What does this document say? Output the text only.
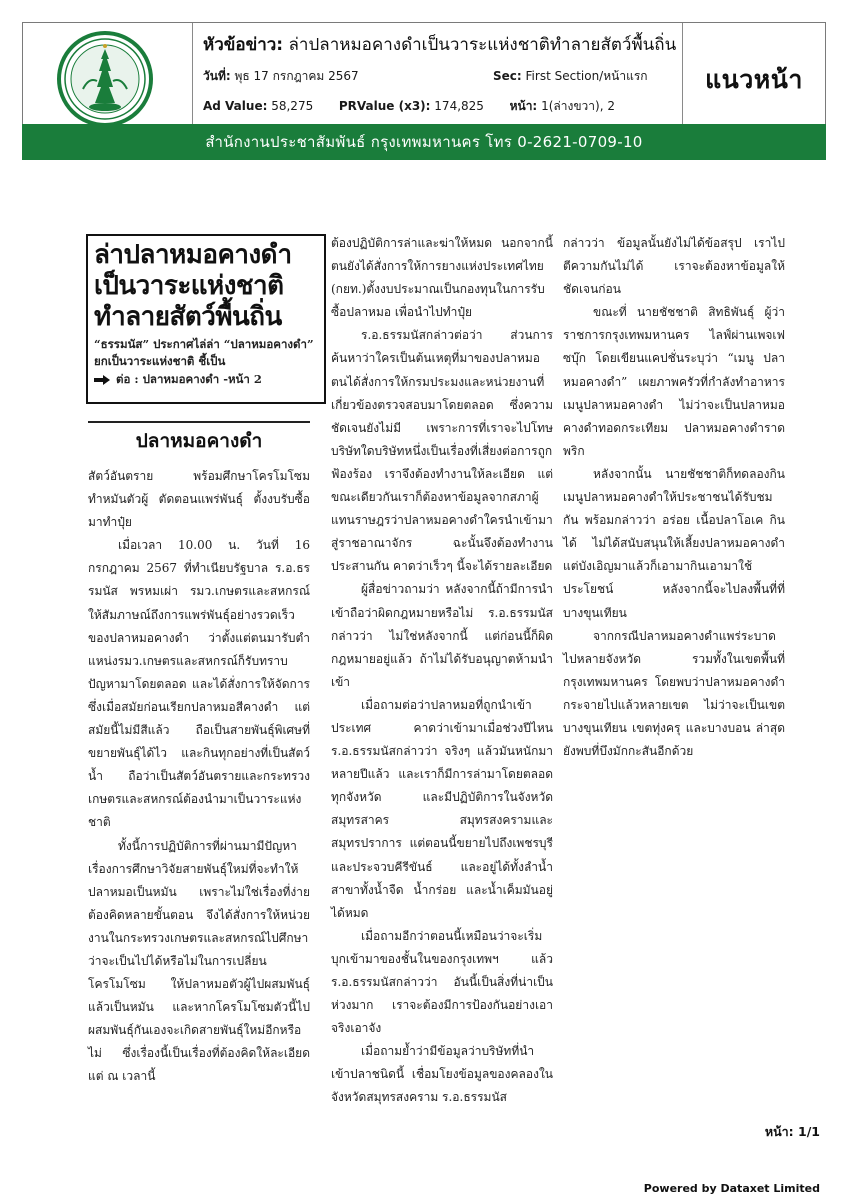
หัวข้อข่าว: ล่าปลาหมอคางดำเป็นวาระแห่งชาติทำลายสัตว์พื้นถิ่น
วันที่: พุธ 17 กรกฎาคม 2567	Sec: First Section/หน้าแรก
Ad Value: 58,275 PRValue (x3): 174,825 หน้า: 1(ล่างขวา), 2
แนวหน้า
สำนักงานประชาสัมพันธ์ กรุงเทพมหานคร โทร 0-2621-0709-10
ล่าปลาหมอคางดำ
เป็นวาระแห่งชาติ
ทำลายสัตว์พื้นถิ่น
“ธรรมนัส” ประกาศไล่ล่า “ปลาหมอคางดำ” ยกเป็นวาระแห่งชาติ ชี้เป็น
ต่อ : ปลาหมอคางดำ -หน้า 2
ปลาหมอคางดำ

สัตว์อันตราย พร้อมศึกษาโครโมโซมทำหมันตัวผู้ ตัดตอนแพร่พันธุ์ ตั้งงบรับซื้อมาทำปุ๋ย

เมื่อเวลา 10.00 น. วันที่ 16 กรกฎาคม 2567 ที่ทำเนียบรัฐบาล ร.อ.ธรรมนัส พรหมเผ่า รมว.เกษตรและสหกรณ์ ให้สัมภาษณ์ถึงการแพร่พันธุ์อย่างรวดเร็วของปลาหมอคางดำ ว่าตั้งแต่ตนมารับตำแหน่งรมว.เกษตรและสหกรณ์ก็รับทราบปัญหามาโดยตลอด และได้สั่งการให้จัดการ ซึ่งเมื่อสมัยก่อนเรียกปลาหมอสีคางดำ แต่สมัยนี้ไม่มีสีแล้ว ถือเป็นสายพันธุ์พิเศษที่ขยายพันธุ์ได้ไว และกินทุกอย่างที่เป็นสัตว์น้ำ ถือว่าเป็นสัตว์อันตรายและกระทรวงเกษตรและสหกรณ์ต้องนำมาเป็นวาระแห่งชาติ

ทั้งนี้การปฏิบัติการที่ผ่านมามีปัญหาเรื่องการศึกษาวิจัยสายพันธุ์ใหม่ที่จะทำให้ปลาหมอเป็นหมัน เพราะไม่ใช่เรื่องที่ง่ายต้องคิดหลายขั้นตอน จึงได้สั่งการให้หน่วยงานในกระทรวงเกษตรและสหกรณ์ไปศึกษาว่าจะเป็นไปได้หรือไม่ในการเปลี่ยนโครโมโซม ให้ปลาหมอตัวผู้ไปผสมพันธุ์แล้วเป็นหมัน และหากโครโมโซมตัวนี้ไปผสมพันธุ์กันเองจะเกิดสายพันธุ์ใหม่อีกหรือไม่ ซึ่งเรื่องนี้เป็นเรื่องที่ต้องคิดให้ละเอียด แต่ ณ เวลานี้

ต้องปฏิบัติการล่าและฆ่าให้หมด นอกจากนี้ตนยังได้สั่งการให้การยางแห่งประเทศไทย (กยท.)ตั้งงบประมาณเป็นกองทุนในการรับซื้อปลาหมอ เพื่อนำไปทำปุ๋ย

ร.อ.ธรรมนัสกล่าวต่อว่า ส่วนการค้นหาว่าใครเป็นต้นเหตุที่มาของปลาหมอ ตนได้สั่งการให้กรมประมงและหน่วยงานที่เกี่ยวข้องตรวจสอบมาโดยตลอด ซึ่งความชัดเจนยังไม่มี เพราะการที่เราจะไปโทษบริษัทใดบริษัทหนึ่งเป็นเรื่องที่เสี่ยงต่อการถูกฟ้องร้อง เราจึงต้องทำงานให้ละเอียด แต่ขณะเดียวกันเราก็ต้องหาข้อมูลจากสภาผู้แทนราษฎรว่าปลาหมอคางดำใครนำเข้ามาสู่ราชอาณาจักร ฉะนั้นจึงต้องทำงานประสานกัน คาดว่าเร็วๆ นี้จะได้รายละเอียด

ผู้สื่อข่าวถามว่า หลังจากนี้ถ้ามีการนำเข้าถือว่าผิดกฎหมายหรือไม่ ร.อ.ธรรมนัสกล่าวว่า ไม่ใช่หลังจากนี้ แต่ก่อนนี้ก็ผิดกฎหมายอยู่แล้ว ถ้าไม่ได้รับอนุญาตห้ามนำเข้า

เมื่อถามต่อว่าปลาหมอที่ถูกนำเข้าประเทศ คาดว่าเข้ามาเมื่อช่วงปีไหน ร.อ.ธรรมนัสกล่าวว่า จริงๆ แล้วมันหนักมาหลายปีแล้ว และเราก็มีการล่ามาโดยตลอดทุกจังหวัด และมีปฏิบัติการในจังหวัดสมุทรสาคร สมุทรสงครามและสมุทรปราการ แต่ตอนนี้ขยายไปถึงเพชรบุรีและประจวบคีรีขันธ์ และอยู่ได้ทั้งลำน้ำสาขาทั้งน้ำจืด น้ำกร่อย และน้ำเค็มมันอยู่ได้หมด

เมื่อถามอีกว่าตอนนี้เหมือนว่าจะเริ่มบุกเข้ามาของชั้นในของกรุงเทพฯ แล้ว ร.อ.ธรรมนัสกล่าวว่า อันนี้เป็นสิ่งที่น่าเป็นห่วงมาก เราจะต้องมีการป้องกันอย่างเอาจริงเอาจัง

เมื่อถามย้ำว่ามีข้อมูลว่าบริษัทที่นำเข้าปลาชนิดนี้ เชื่อมโยงข้อมูลของคลองในจังหวัดสมุทรสงคราม ร.อ.ธรรมนัส

กล่าวว่า ข้อมูลนั้นยังไม่ได้ข้อสรุป เราไปตีความกันไม่ได้ เราจะต้องหาข้อมูลให้ชัดเจนก่อน

ขณะที่ นายชัชชาติ สิทธิพันธุ์ ผู้ว่าราชการกรุงเทพมหานคร ไลฟ์ผ่านเพจเฟซบุ๊ก โดยเขียนแคปชั่นระบุว่า “เมนู ปลาหมอคางดำ” เผยภาพครัวที่กำลังทำอาหารเมนูปลาหมอคางดำ ไม่ว่าจะเป็นปลาหมอคางดำทอดกระเทียม ปลาหมอคางดำราดพริก

หลังจากนั้น นายชัชชาติก็ทดลองกินเมนูปลาหมอคางดำให้ประชาชนได้รับชมกัน พร้อมกล่าวว่า อร่อย เนื้อปลาโอเค กินได้ ไม่ได้สนับสนุนให้เลี้ยงปลาหมอคางดำ แต่บังเอิญมาแล้วก็เอามากินเอามาใช้ประโยชน์ หลังจากนี้จะไปลงพื้นที่ที่บางขุนเทียน

จากกรณีปลาหมอคางดำแพร่ระบาดไปหลายจังหวัด รวมทั้งในเขตพื้นที่กรุงเทพมหานคร โดยพบว่าปลาหมอคางดำกระจายไปแล้วหลายเขต ไม่ว่าจะเป็นเขตบางขุนเทียน เขตทุ่งครุ และบางบอน ล่าสุดยังพบที่บึงมักกะสันอีกด้วย

หน้า: 1/1
Powered by Dataxet Limited
